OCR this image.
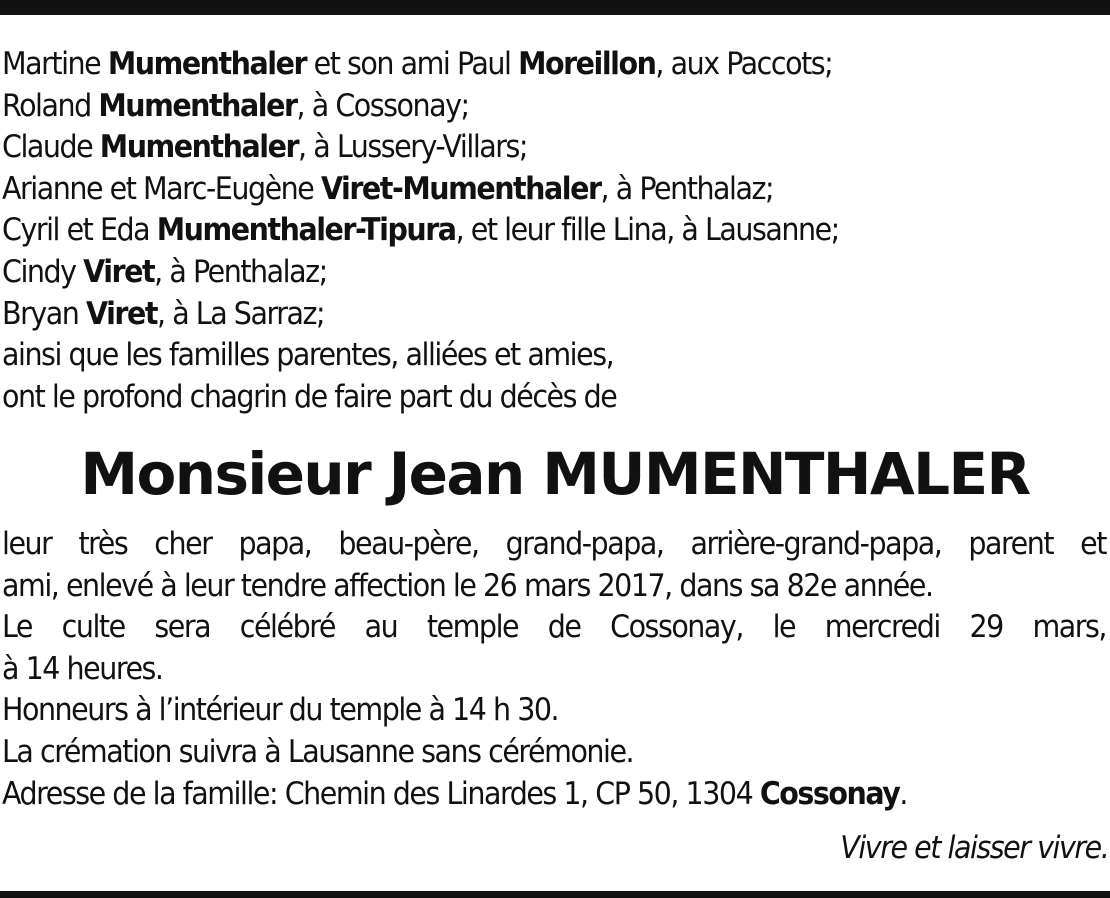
Martine Mumenthaler et son ami Paul Moreillon, aux Paccots;
Roland Mumenthaler, à Cossonay;
Claude Mumenthaler, à Lussery-Villars;
Arianne et Marc-Eugène Viret-Mumenthaler, à Penthalaz;
Cyril et Eda Mumenthaler-Tipura, et leur fille Lina, à Lausanne;
Cindy Viret, à Penthalaz;
Bryan Viret, à La Sarraz;
ainsi que les familles parentes, alliées et amies,
ont le profond chagrin de faire part du décès de
Monsieur Jean MUMENTHALER
leur très cher papa, beau-père, grand-papa, arrière-grand-papa, parent et
ami, enlevé à leur tendre affection le 26 mars 2017, dans sa 82e année.
Le culte sera célébré au temple de Cossonay, le mercredi 29 mars,
à 14 heures.
Honneurs à l’intérieur du temple à 14 h 30.
La crémation suivra à Lausanne sans cérémonie.
Adresse de la famille: Chemin des Linardes 1, CP 50, 1304 Cossonay.
Vivre et laisser vivre.
